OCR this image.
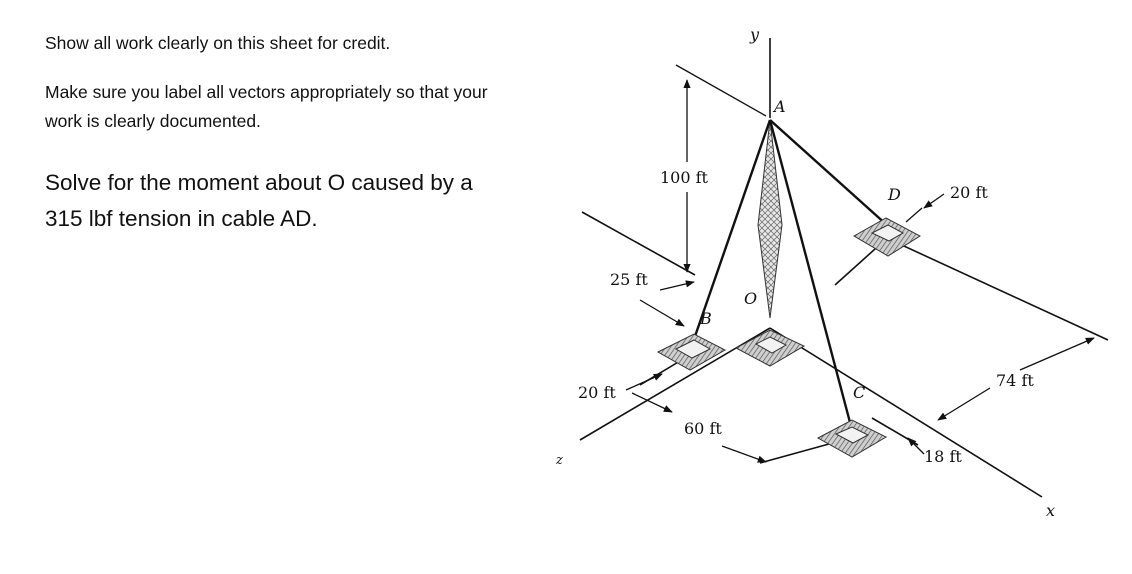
Show all work clearly on this sheet for credit.
Make sure you label all vectors appropriately so that your
work is clearly documented.
Solve for the moment about O caused by a
315 lbf tension in cable AD.
y
A
100 ft
D	20 ft
25 ft
O
B
20 ft	C
74 ft
60 ft
18 ft
z
x
